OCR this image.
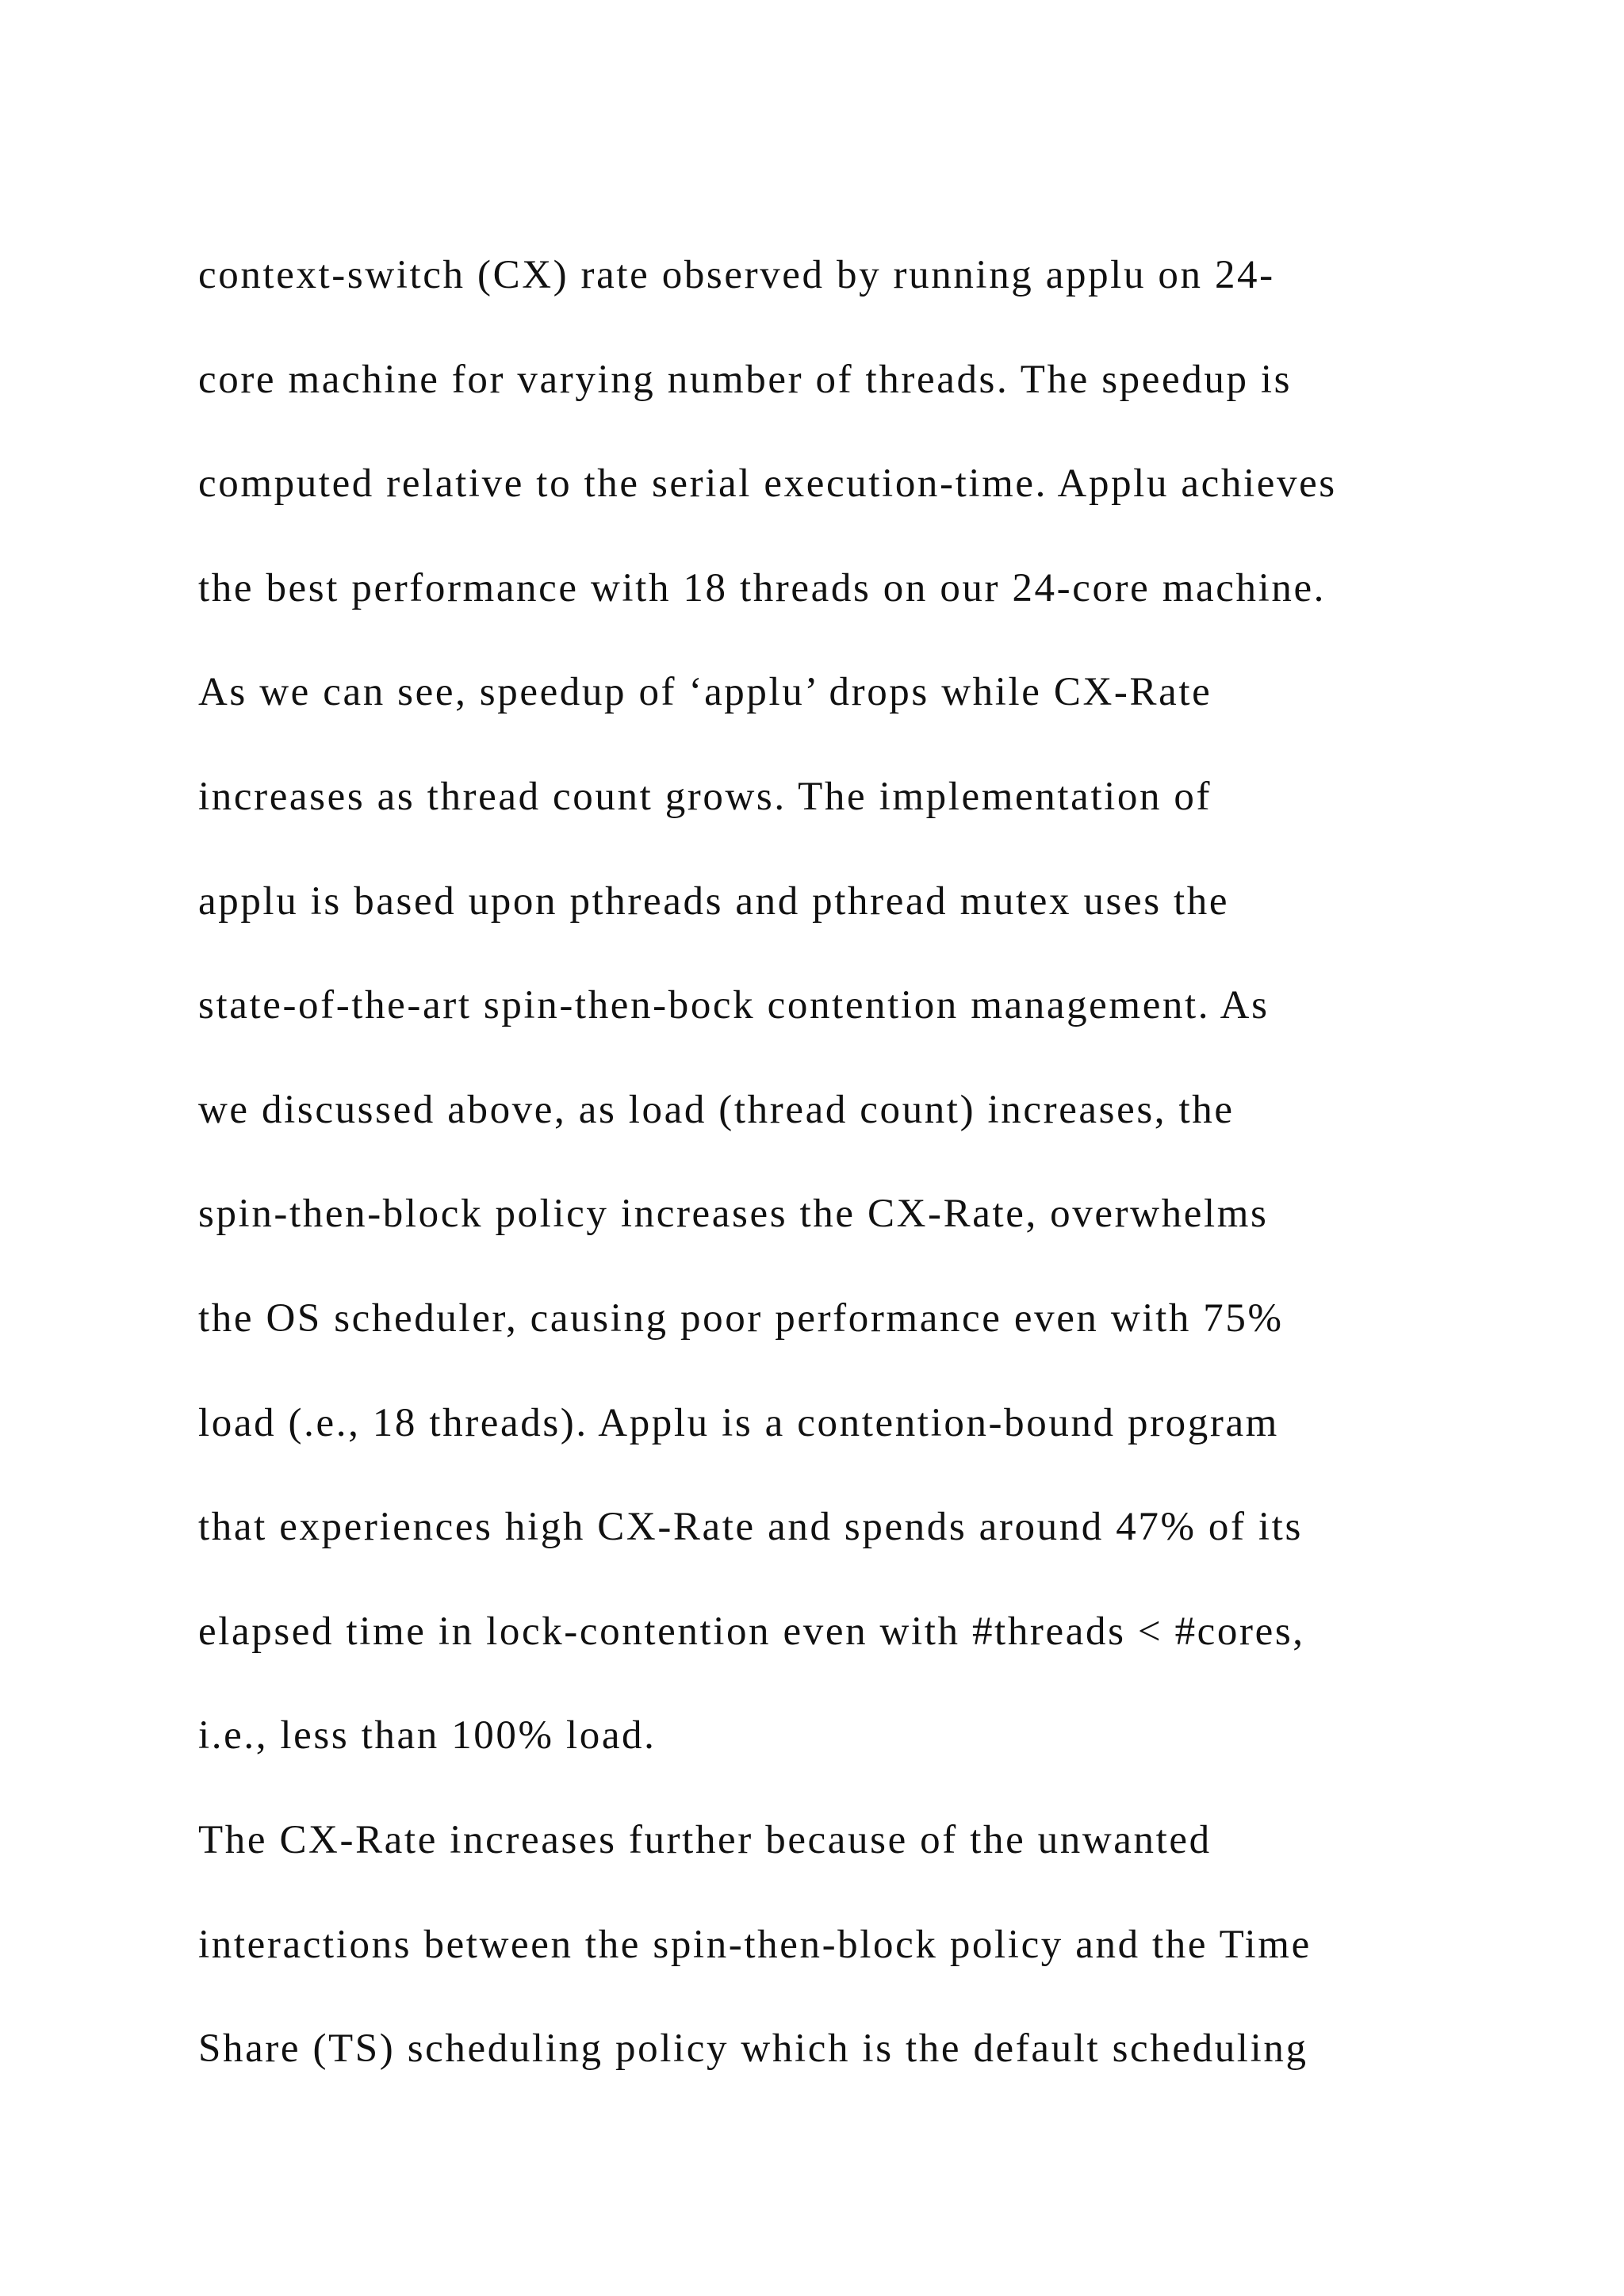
context-switch (CX) rate observed by running applu on 24-
core machine for varying number of threads. The speedup is
computed relative to the serial execution-time. Applu achieves
the best performance with 18 threads on our 24-core machine.
As we can see, speedup of ‘applu’ drops while CX-Rate
increases as thread count grows. The implementation of
applu is based upon pthreads and pthread mutex uses the
state-of-the-art spin-then-bock contention management. As
we discussed above, as load (thread count) increases, the
spin-then-block policy increases the CX-Rate, overwhelms
the OS scheduler, causing poor performance even with 75%
load (.e., 18 threads). Applu is a contention-bound program
that experiences high CX-Rate and spends around 47% of its
elapsed time in lock-contention even with #threads < #cores,
i.e., less than 100% load.
The CX-Rate increases further because of the unwanted
interactions between the spin-then-block policy and the Time
Share (TS) scheduling policy which is the default scheduling
